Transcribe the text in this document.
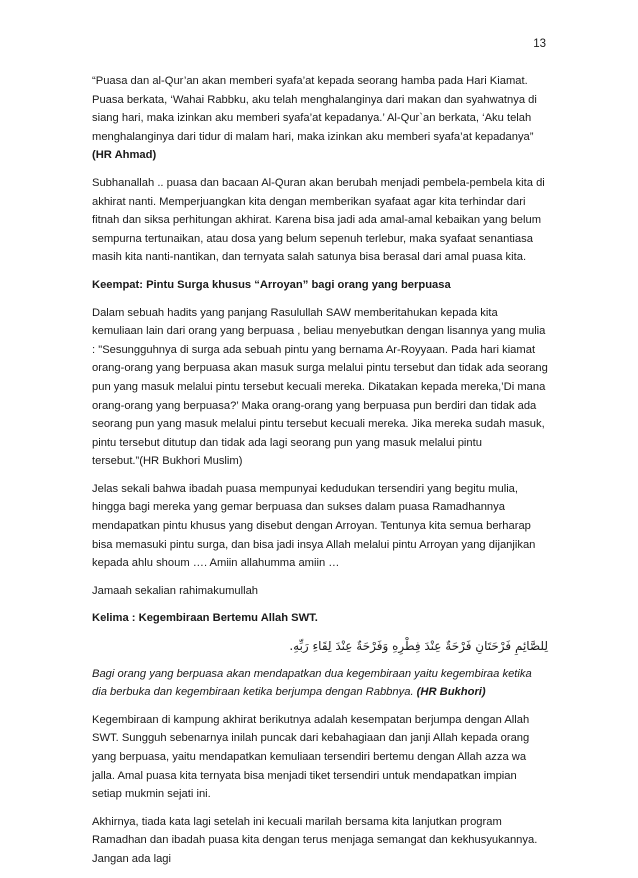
13

“Puasa dan al-Qur’an akan memberi syafa’at kepada seorang hamba pada Hari Kiamat. Puasa berkata, ‘Wahai Rabbku, aku telah menghalanginya dari makan dan syahwatnya di siang hari, maka izinkan aku memberi syafa’at kepadanya.’ Al-Qur`an berkata, ‘Aku telah menghalanginya dari tidur di malam hari, maka izinkan aku memberi syafa’at kepadanya” (HR Ahmad)

Subhanallah .. puasa dan bacaan Al-Quran akan berubah menjadi pembela-pembela kita di akhirat nanti. Memperjuangkan kita dengan memberikan syafaat agar kita terhindar dari fitnah dan siksa perhitungan akhirat. Karena bisa jadi ada amal-amal kebaikan yang belum sempurna tertunaikan, atau dosa yang belum sepenuh terlebur, maka syafaat senantiasa masih kita nanti-nantikan, dan ternyata salah satunya bisa berasal dari amal puasa kita.

Keempat: Pintu Surga khusus “Arroyan” bagi orang yang berpuasa

Dalam sebuah hadits yang panjang Rasulullah SAW memberitahukan kepada kita kemuliaan lain dari orang yang berpuasa , beliau menyebutkan dengan lisannya yang mulia : "Sesungguhnya di surga ada sebuah pintu yang bernama Ar-Royyaan. Pada hari kiamat orang-orang yang berpuasa akan masuk surga melalui pintu tersebut dan tidak ada seorang pun yang masuk melalui pintu tersebut kecuali mereka. Dikatakan kepada mereka,’Di mana orang-orang yang berpuasa?’ Maka orang-orang yang berpuasa pun berdiri dan tidak ada seorang pun yang masuk melalui pintu tersebut kecuali mereka. Jika mereka sudah masuk, pintu tersebut ditutup dan tidak ada lagi seorang pun yang masuk melalui pintu tersebut.”(HR Bukhori Muslim)

Jelas sekali bahwa ibadah puasa mempunyai kedudukan tersendiri yang begitu mulia, hingga bagi mereka yang gemar berpuasa dan sukses dalam puasa Ramadhannya mendapatkan pintu khusus yang disebut dengan Arroyan. Tentunya kita semua berharap bisa memasuki pintu surga, dan bisa jadi insya Allah melalui pintu Arroyan yang dijanjikan kepada ahlu shoum …. Amiin allahumma amiin …

Jamaah sekalian rahimakumullah

Kelima : Kegembiraan Bertemu Allah SWT.

لِلصَّائِمِ فَرْحَتَانِ فَرْحَةٌ عِنْدَ فِطْرِهِ وَفَرْحَةٌ عِنْدَ لِقَاءِ رَبِّهِ.

Bagi orang yang berpuasa akan mendapatkan dua kegembiraan yaitu kegembiraa ketika dia berbuka dan kegembiraan ketika berjumpa dengan Rabbnya. (HR Bukhori)

Kegembiraan di kampung akhirat berikutnya adalah kesempatan berjumpa dengan Allah SWT. Sungguh sebenarnya inilah puncak dari kebahagiaan dan janji Allah kepada orang yang berpuasa, yaitu mendapatkan kemuliaan tersendiri bertemu dengan Allah azza wa jalla. Amal puasa kita ternyata bisa menjadi tiket tersendiri untuk mendapatkan impian setiap mukmin sejati ini.

Akhirnya, tiada kata lagi setelah ini kecuali marilah bersama kita lanjutkan program Ramadhan dan ibadah puasa kita dengan terus menjaga semangat dan kekhusyukannya. Jangan ada lagi
